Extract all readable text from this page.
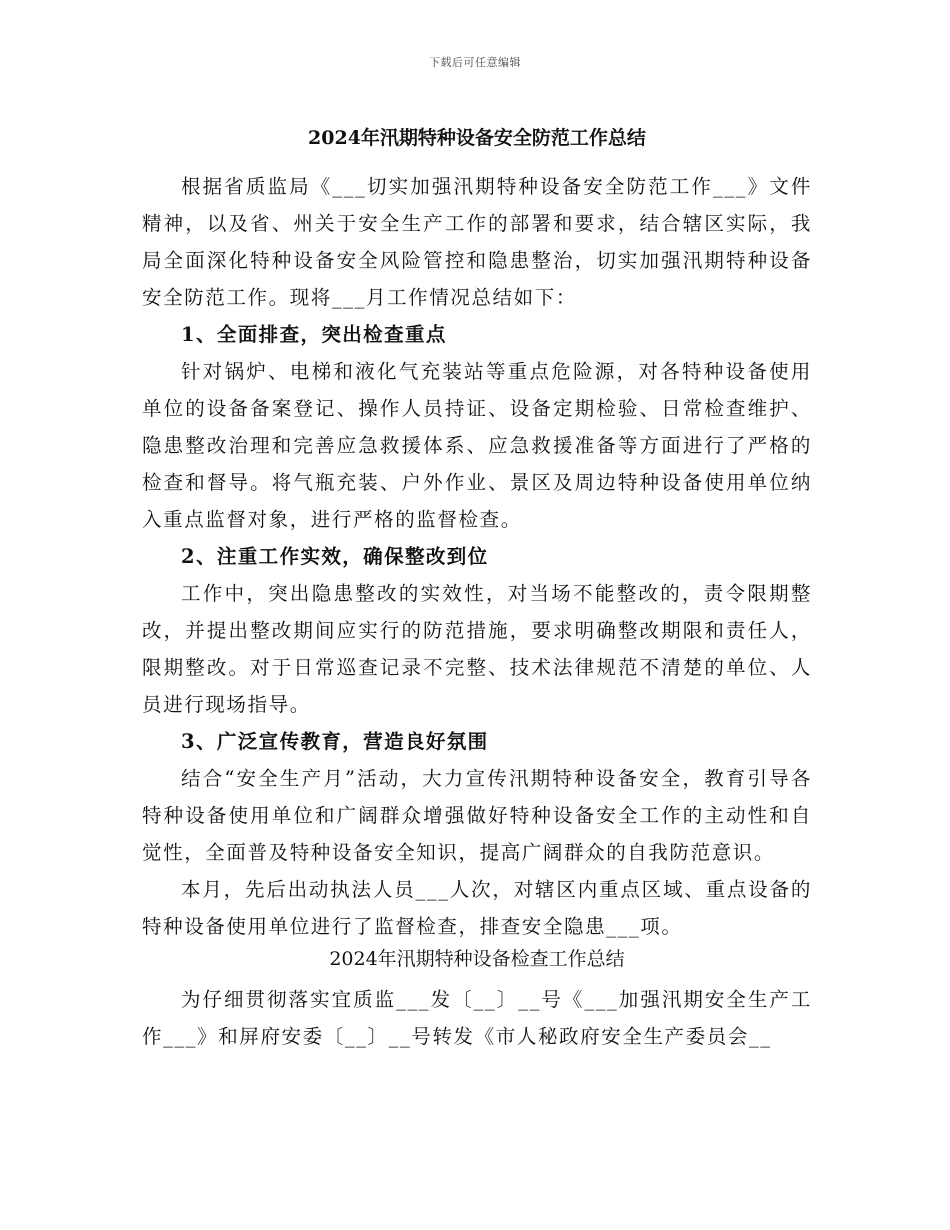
下载后可任意编辑
2024年汛期特种设备安全防范工作总结

根据省质监局《___切实加强汛期特种设备安全防范工作___》文件精神，以及省、州关于安全生产工作的部署和要求，结合辖区实际，我局全面深化特种设备安全风险管控和隐患整治，切实加强汛期特种设备安全防范工作。现将___月工作情况总结如下：

1、全面排查，突出检查重点

针对锅炉、电梯和液化气充装站等重点危险源，对各特种设备使用单位的设备备案登记、操作人员持证、设备定期检验、日常检查维护、隐患整改治理和完善应急救援体系、应急救援准备等方面进行了严格的检查和督导。将气瓶充装、户外作业、景区及周边特种设备使用单位纳入重点监督对象，进行严格的监督检查。

2、注重工作实效，确保整改到位

工作中，突出隐患整改的实效性，对当场不能整改的，责令限期整改，并提出整改期间应实行的防范措施，要求明确整改期限和责任人，限期整改。对于日常巡查记录不完整、技术法律规范不清楚的单位、人员进行现场指导。

3、广泛宣传教育，营造良好氛围

结合“安全生产月”活动，大力宣传汛期特种设备安全，教育引导各特种设备使用单位和广阔群众增强做好特种设备安全工作的主动性和自觉性，全面普及特种设备安全知识，提高广阔群众的自我防范意识。

本月，先后出动执法人员___人次，对辖区内重点区域、重点设备的特种设备使用单位进行了监督检查，排查安全隐患___项。

2024年汛期特种设备检查工作总结

为仔细贯彻落实宜质监___发〔__〕__号《___加强汛期安全生产工作___》和屏府安委〔__〕__号转发《市人秘政府安全生产委员会__
